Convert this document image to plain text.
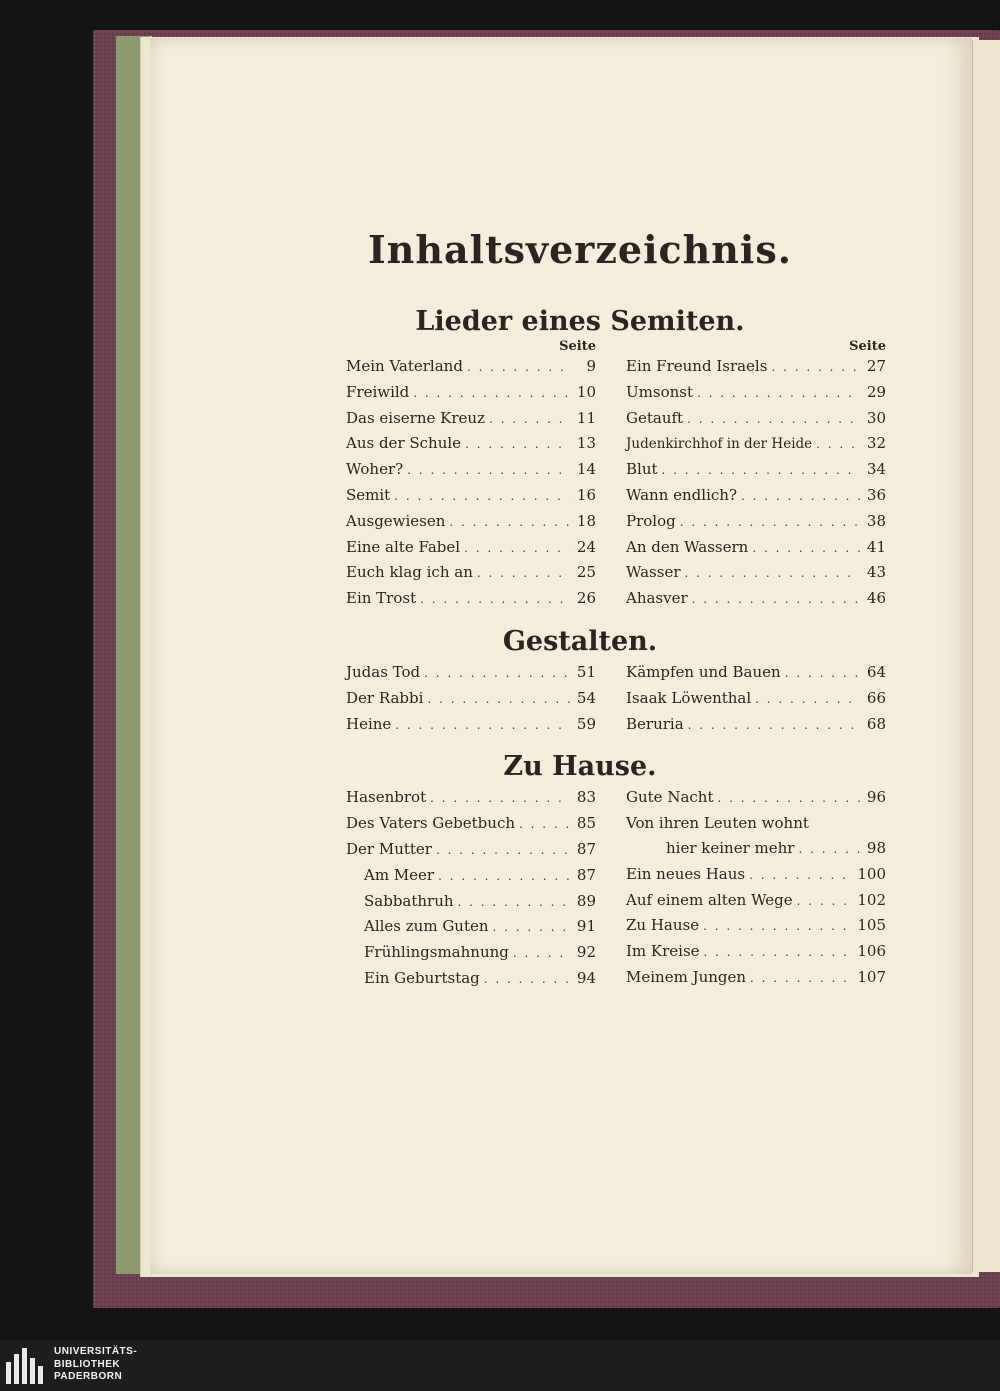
Inhaltsverzeichnis.
Lieder eines Semiten.
Seite
Mein Vaterland . . .	9
Freiwild . . .	10
Das eiserne Kreuz . . .	11
Aus der Schule . . .	13
Woher? . . .	14
Semit . . .	16
Ausgewiesen . . .	18
Eine alte Fabel . . .	24
Euch klag ich an . . .	25
Ein Trost . . .	26
Seite
Ein Freund Israels . . .	27
Umsonst . . .	29
Getauft . . .	30
Judenkirchhof in der Heide . . .	32
Blut . . .	34
Wann endlich? . . .	36
Prolog . . .	38
An den Wassern . . .	41
Wasser . . .	43
Ahasver . . .	46
Gestalten.
Judas Tod . . .	51
Der Rabbi . . .	54
Heine . . .	59
Kämpfen und Bauen . . .	64
Isaak Löwenthal . . .	66
Beruria . . .	68
Zu Hause.
Hasenbrot . . .	83
Des Vaters Gebetbuch . . .	85
Der Mutter . . .	87
Am Meer . . .	87
Sabbathruh . . .	89
Alles zum Guten . . .	91
Frühlingsmahnung . . .	92
Ein Geburtstag . . .	94
Gute Nacht . . .	96
Von ihren Leuten wohnt
hier keiner mehr . . .	98
Ein neues Haus . . .	100
Auf einem alten Wege . . .	102
Zu Hause . . .	105
Im Kreise . . .	106
Meinem Jungen . . .	107
UNIVERSITÄTS-
BIBLIOTHEK
PADERBORN
